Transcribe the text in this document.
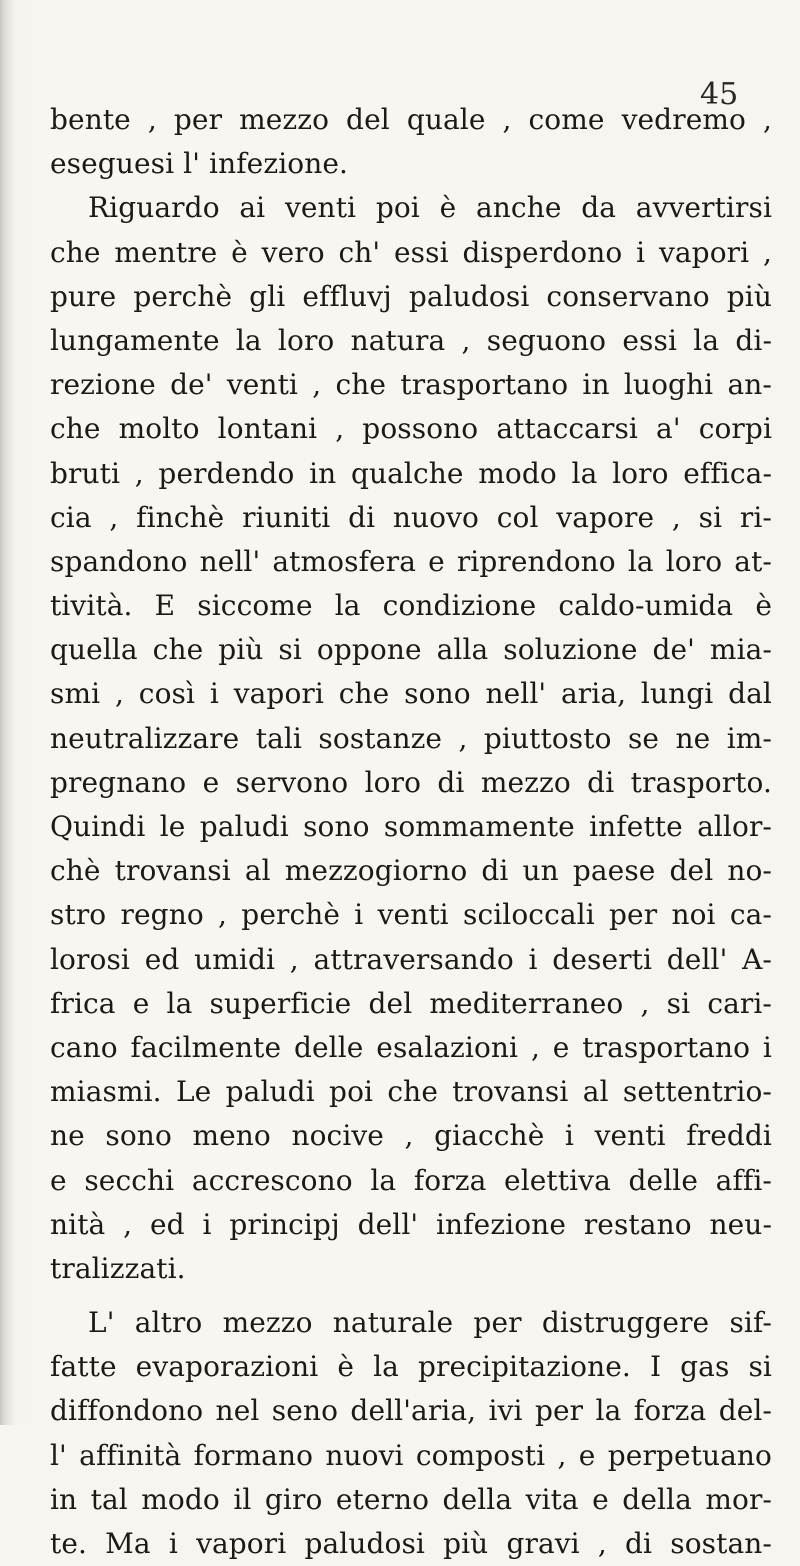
45

bente , per mezzo del quale , come vedremo ,
eseguesi l' infezione.
Riguardo ai venti poi è anche da avvertirsi
che mentre è vero ch' essi disperdono i vapori ,
pure perchè gli effluvj paludosi conservano più
lungamente la loro natura , seguono essi la di-
rezione de' venti , che trasportano in luoghi an-
che molto lontani , possono attaccarsi a' corpi
bruti , perdendo in qualche modo la loro effica-
cia , finchè riuniti di nuovo col vapore , si ri-
spandono nell' atmosfera e riprendono la loro at-
tività. E siccome la condizione caldo-umida è
quella che più si oppone alla soluzione de' mia-
smi , così i vapori che sono nell' aria, lungi dal
neutralizzare tali sostanze , piuttosto se ne im-
pregnano e servono loro di mezzo di trasporto.
Quindi le paludi sono sommamente infette allor-
chè trovansi al mezzogiorno di un paese del no-
stro regno , perchè i venti sciloccali per noi ca-
lorosi ed umidi , attraversando i deserti dell' A-
frica e la superficie del mediterraneo , si cari-
cano facilmente delle esalazioni , e trasportano i
miasmi. Le paludi poi che trovansi al settentrio-
ne sono meno nocive , giacchè i venti freddi
e secchi accrescono la forza elettiva delle affi-
nità , ed i principj dell' infezione restano neu-
tralizzati.
L' altro mezzo naturale per distruggere sif-
fatte evaporazioni è la precipitazione. I gas si
diffondono nel seno dell'aria, ivi per la forza del-
l' affinità formano nuovi composti , e perpetuano
in tal modo il giro eterno della vita e della mor-
te. Ma i vapori paludosi più gravi , di sostan-
